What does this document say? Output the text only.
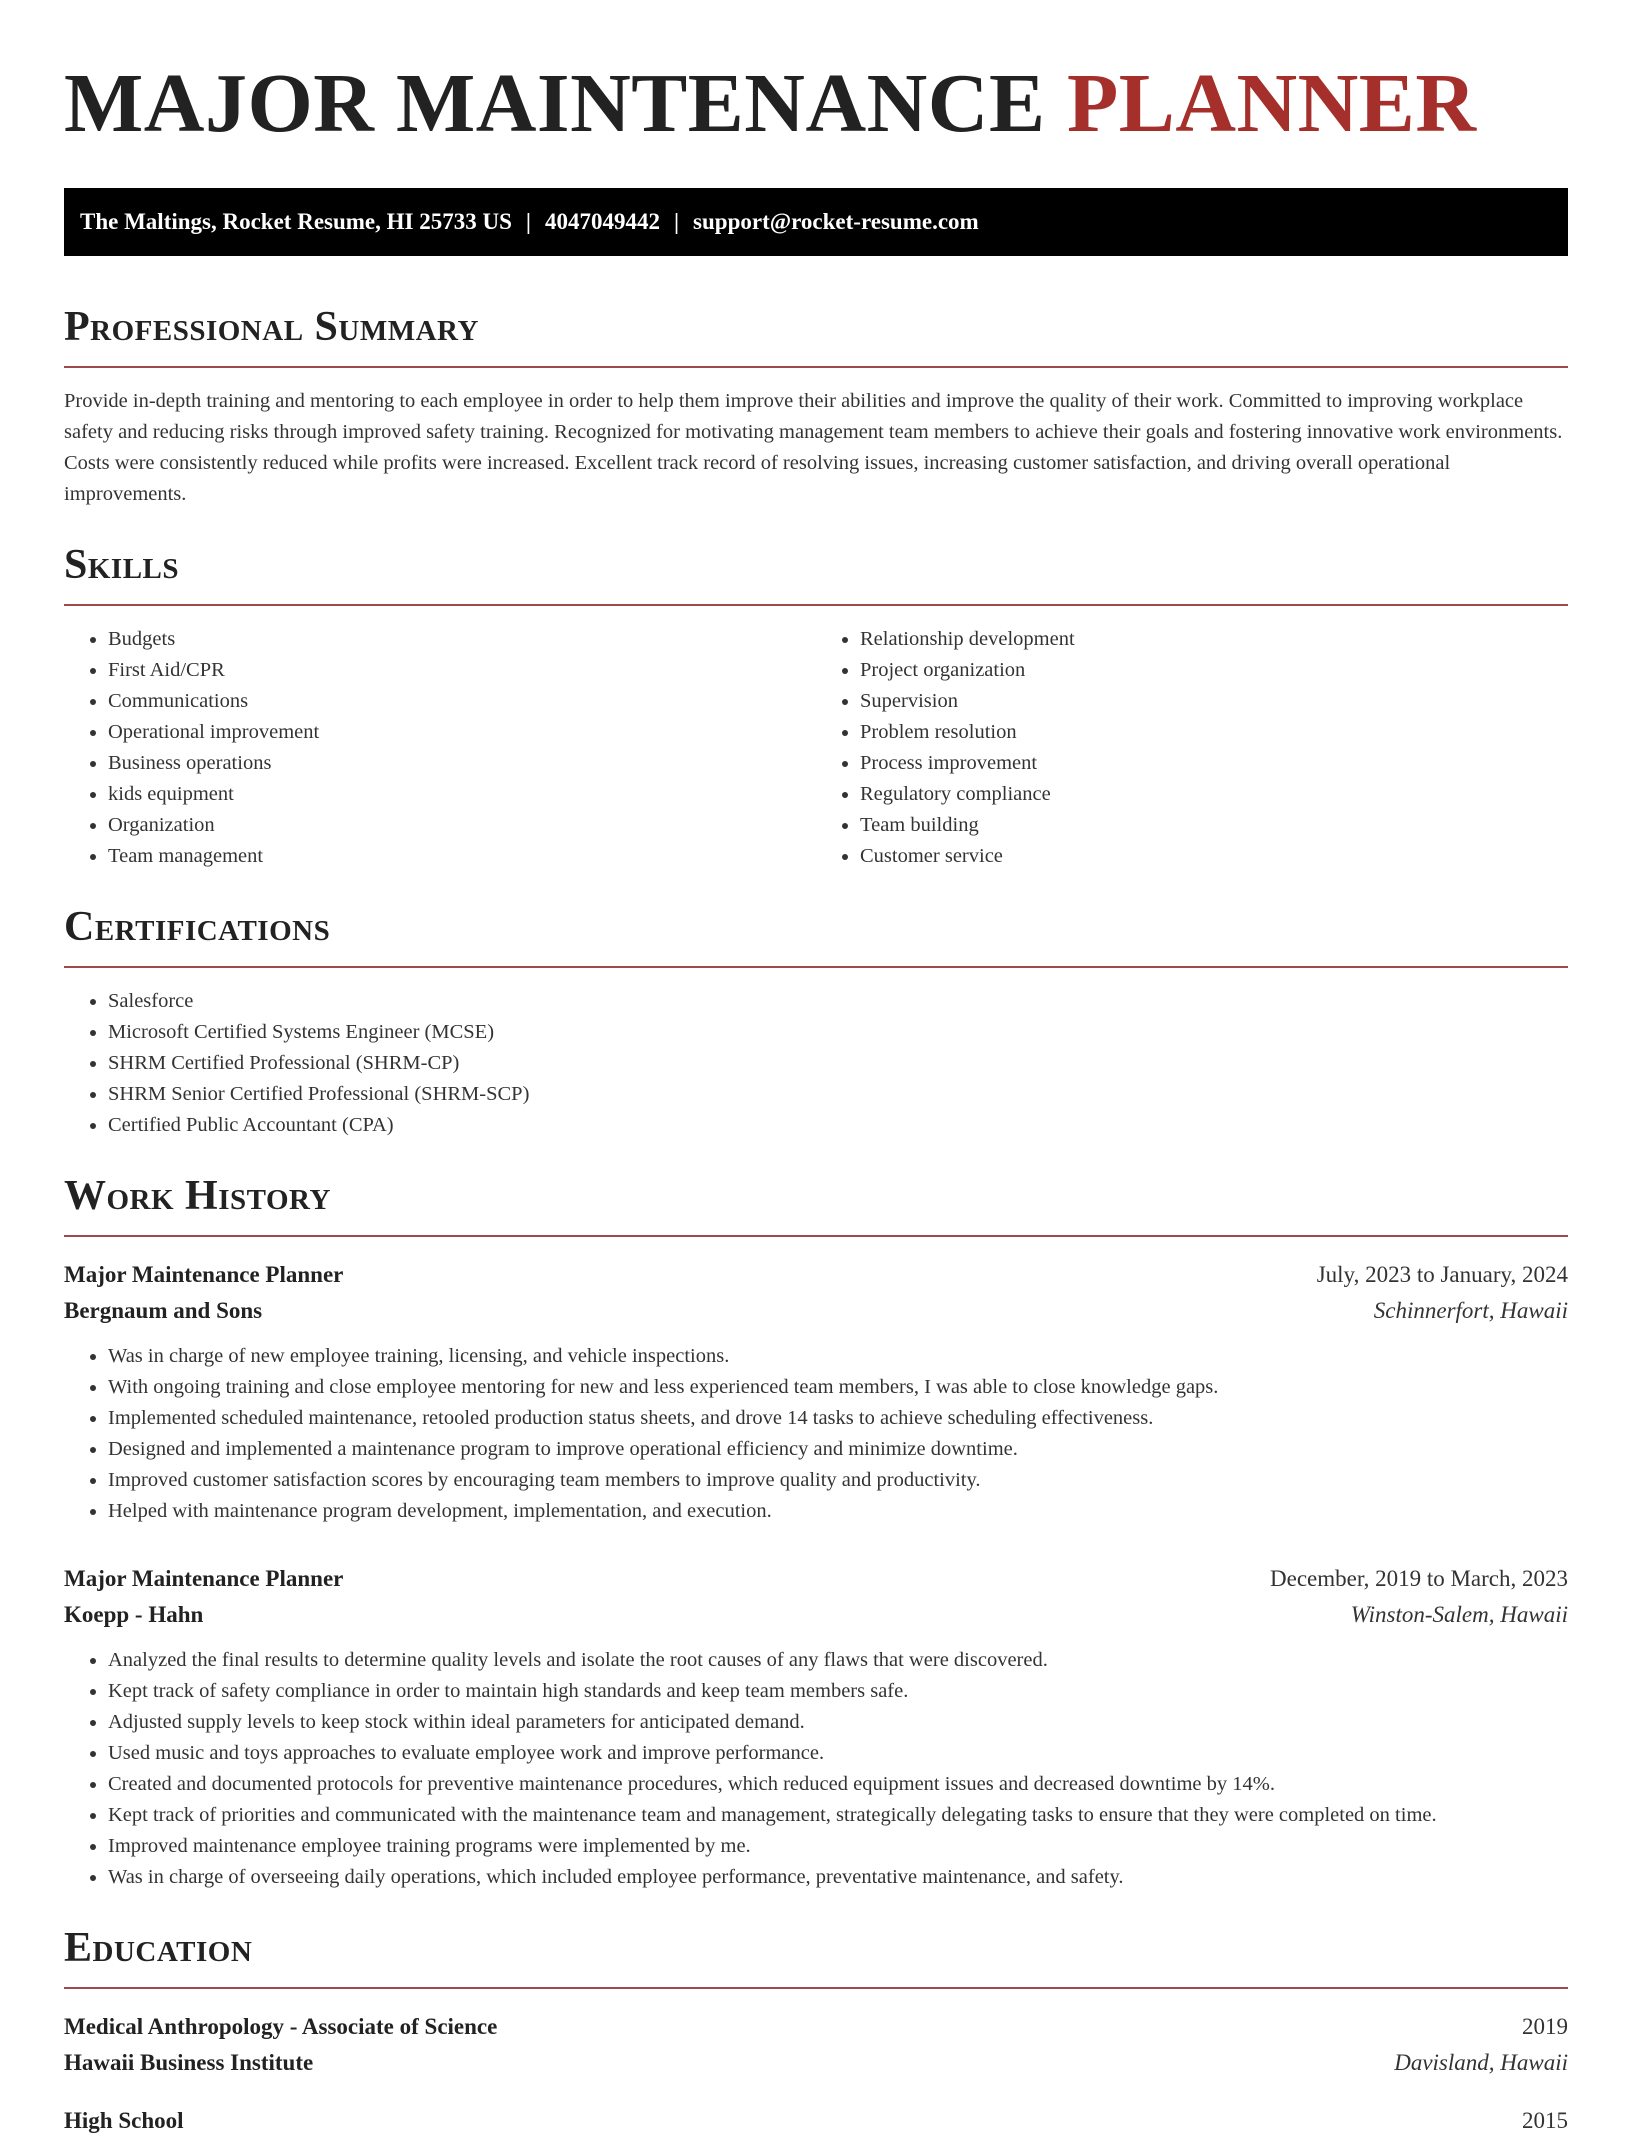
MAJOR MAINTENANCE PLANNER
The Maltings, Rocket Resume, HI 25733 US | 4047049442 | support@rocket-resume.com
Professional Summary

Provide in-depth training and mentoring to each employee in order to help them improve their abilities and improve the quality of their work. Committed to improving workplace safety and reducing risks through improved safety training. Recognized for motivating management team members to achieve their goals and fostering innovative work environments. Costs were consistently reduced while profits were increased. Excellent track record of resolving issues, increasing customer satisfaction, and driving overall operational improvements.

Skills
• Budgets
• First Aid/CPR
• Communications
• Operational improvement
• Business operations
• kids equipment
• Organization
• Team management
• Relationship development
• Project organization
• Supervision
• Problem resolution
• Process improvement
• Regulatory compliance
• Team building
• Customer service
Certifications
• Salesforce
• Microsoft Certified Systems Engineer (MCSE)
• SHRM Certified Professional (SHRM-CP)
• SHRM Senior Certified Professional (SHRM-SCP)
• Certified Public Accountant (CPA)
Work History
Major Maintenance Planner	July, 2023 to January, 2024
Bergnaum and Sons	Schinnerfort, Hawaii
• Was in charge of new employee training, licensing, and vehicle inspections.
• With ongoing training and close employee mentoring for new and less experienced team members, I was able to close knowledge gaps.
• Implemented scheduled maintenance, retooled production status sheets, and drove 14 tasks to achieve scheduling effectiveness.
• Designed and implemented a maintenance program to improve operational efficiency and minimize downtime.
• Improved customer satisfaction scores by encouraging team members to improve quality and productivity.
• Helped with maintenance program development, implementation, and execution.
Major Maintenance Planner	December, 2019 to March, 2023
Koepp - Hahn	Winston-Salem, Hawaii
• Analyzed the final results to determine quality levels and isolate the root causes of any flaws that were discovered.
• Kept track of safety compliance in order to maintain high standards and keep team members safe.
• Adjusted supply levels to keep stock within ideal parameters for anticipated demand.
• Used music and toys approaches to evaluate employee work and improve performance.
• Created and documented protocols for preventive maintenance procedures, which reduced equipment issues and decreased downtime by 14%.
• Kept track of priorities and communicated with the maintenance team and management, strategically delegating tasks to ensure that they were completed on time.
• Improved maintenance employee training programs were implemented by me.
• Was in charge of overseeing daily operations, which included employee performance, preventative maintenance, and safety.
Education
Medical Anthropology - Associate of Science	2019
Hawaii Business Institute	Davisland, Hawaii
High School	2015
